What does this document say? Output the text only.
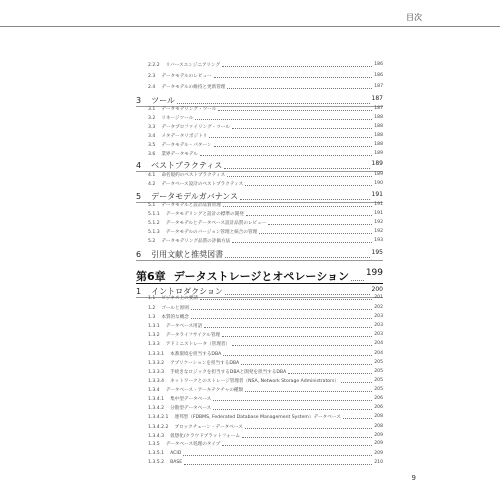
目次
2.2.2 リバースエンジニアリング	186
2.3 データモデルのレビュー	186
2.4 データモデルの維持と更新管理	187
3 ツール	187
3.1 データモデリング・ツール	187
3.2 リネージツール	188
3.3 データプロファイリング・ツール	188
3.4 メタデータリポジトリ	188
3.5 データモデル・パターン	188
3.6 業界データモデル	189
4 ベストプラクティス	189
4.1 命名規約のベストプラクティス	189
4.2 データベース設計のベストプラクティス	190
5 データモデルガバナンス	191
5.1 データモデルと設計品質管理	191
5.1.1 データモデリングと設計の標準の開発	191
5.1.2 データモデルとデータベース設計品質のレビュー	192
5.1.3 データモデルのバージョン管理と統合の管理	192
5.2 データモデリング品質の評価方法	193
6 引用文献と推奨図書	195
第6章 データストレージとオペレーション 199
1 イントロダクション	200
1.1 ビジネス上の要請	201
1.2 ゴールと原則	202
1.3 本質的な概念	203
1.3.1 データベース用語	203
1.3.2 データライフサイクル管理	203
1.3.3 アドミニストレータ（管理者）	204
1.3.3.1 本番環境を担当するDBA	204
1.3.3.2 アプリケーションを担当するDBA	205
1.3.3.3 手続きなロジックを担当するDBAと開発を担当するDBA	205
1.3.3.4 ネットワークとのストレージ管理者（NSA, Network Storage Administrators）	205
1.3.4 データベース・アーキテクチャの種類	205
1.3.4.1 集中型データベース	206
1.3.4.2 分散型データベース	206
1.3.4.2.1 連邦型（FDBMS, Federated Database Management System）データベース	208
1.3.4.2.2 ブロックチェーン・データベース	208
1.3.4.3 仮想化/クラウドプラットフォーム	209
1.3.5 データベース処理のタイプ	209
1.3.5.1 ACID	209
1.3.5.2 BASE	210
9
